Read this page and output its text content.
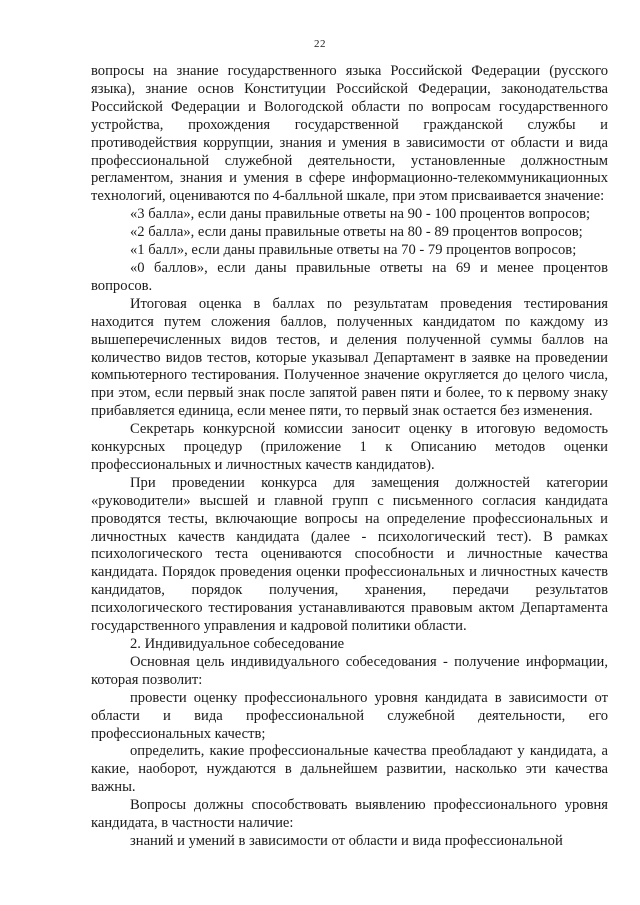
22

вопросы на знание государственного языка Российской Федерации (русского языка), знание основ Конституции Российской Федерации, законодательства Российской Федерации и Вологодской области по вопросам государственного устройства, прохождения государственной гражданской службы и противодействия коррупции, знания и умения в зависимости от области и вида профессиональной служебной деятельности, установленные должностным регламентом, знания и умения в сфере информационно-телекоммуникационных технологий, оцениваются по 4-балльной шкале, при этом присваивается значение:

«3 балла», если даны правильные ответы на 90 - 100 процентов вопросов;

«2 балла», если даны правильные ответы на 80 - 89 процентов вопросов;

«1 балл», если даны правильные ответы на 70 - 79 процентов вопросов;

«0 баллов», если даны правильные ответы на 69 и менее процентов вопросов.

Итоговая оценка в баллах по результатам проведения тестирования находится путем сложения баллов, полученных кандидатом по каждому из вышеперечисленных видов тестов, и деления полученной суммы баллов на количество видов тестов, которые указывал Департамент в заявке на проведении компьютерного тестирования. Полученное значение округляется до целого числа, при этом, если первый знак после запятой равен пяти и более, то к первому знаку прибавляется единица, если менее пяти, то первый знак остается без изменения.

Секретарь конкурсной комиссии заносит оценку в итоговую ведомость конкурсных процедур (приложение 1 к Описанию методов оценки профессиональных и личностных качеств кандидатов).

При проведении конкурса для замещения должностей категории «руководители» высшей и главной групп с письменного согласия кандидата проводятся тесты, включающие вопросы на определение профессиональных и личностных качеств кандидата (далее - психологический тест). В рамках психологического теста оцениваются способности и личностные качества кандидата. Порядок проведения оценки профессиональных и личностных качеств кандидатов, порядок получения, хранения, передачи результатов психологического тестирования устанавливаются правовым актом Департамента государственного управления и кадровой политики области.

2. Индивидуальное собеседование

Основная цель индивидуального собеседования - получение информации, которая позволит:

провести оценку профессионального уровня кандидата в зависимости от области и вида профессиональной служебной деятельности, его профессиональных качеств;

определить, какие профессиональные качества преобладают у кандидата, а какие, наоборот, нуждаются в дальнейшем развитии, насколько эти качества важны.

Вопросы должны способствовать выявлению профессионального уровня кандидата, в частности наличие:

знаний и умений в зависимости от области и вида профессиональной
